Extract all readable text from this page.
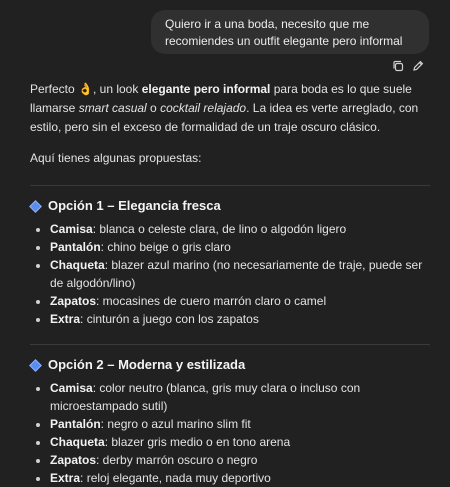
Quiero ir a una boda, necesito que me recomiendes un outfit elegante pero informal

Perfecto 👌, un look elegante pero informal para boda es lo que suele llamarse smart casual o cocktail relajado. La idea es verte arreglado, con estilo, pero sin el exceso de formalidad de un traje oscuro clásico.

Aquí tienes algunas propuestas:

Opción 1 – Elegancia fresca
• Camisa: blanca o celeste clara, de lino o algodón ligero
• Pantalón: chino beige o gris claro
• Chaqueta: blazer azul marino (no necesariamente de traje, puede ser de algodón/lino)
• Zapatos: mocasines de cuero marrón claro o camel
• Extra: cinturón a juego con los zapatos
Opción 2 – Moderna y estilizada
• Camisa: color neutro (blanca, gris muy clara o incluso con microestampado sutil)
• Pantalón: negro o azul marino slim fit
• Chaqueta: blazer gris medio o en tono arena
• Zapatos: derby marrón oscuro o negro
• Extra: reloj elegante, nada muy deportivo
